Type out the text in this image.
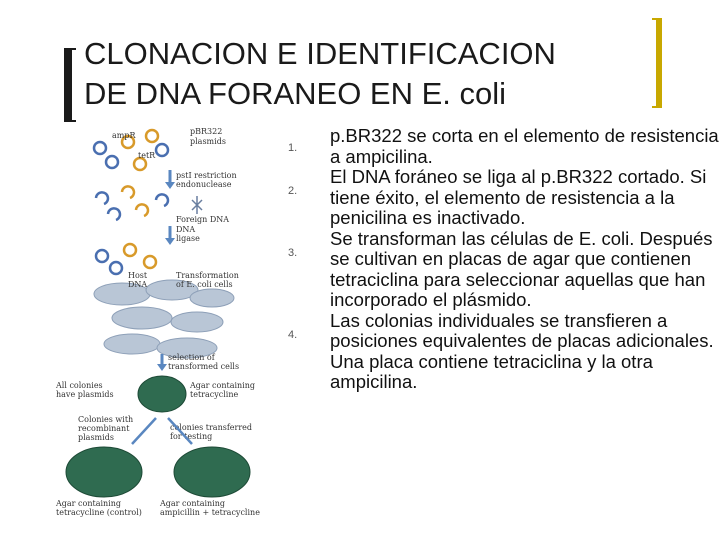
CLONACION E IDENTIFICACION
DE DNA FORANEO EN E. coli
ampR	pBR322
plasmids
tetR
pstI restriction
endonuclease
Foreign DNA
DNA
ligase
Host
DNA
Transformation
of E. coli cells
selection of
transformed cells
All colonies
have plasmids
Agar containing
tetracycline
Colonies with
recombinant
plasmids
colonies transferred
for testing
Agar containing
tetracycline (control)
Agar containing
ampicillin + tetracycline
1.
p.BR322 se corta en el elemento de resistencia a ampicilina.
2.
El DNA foráneo se liga al p.BR322 cortado. Si tiene éxito, el elemento de resistencia a la penicilina es inactivado.
3.
Se transforman las células de E. coli. Después se cultivan en placas de agar que contienen tetraciclina para seleccionar aquellas que han incorporado el plásmido.
4.
Las colonias individuales se transfieren a posiciones equivalentes de placas adicionales. Una placa contiene tetraciclina y la otra ampicilina.
